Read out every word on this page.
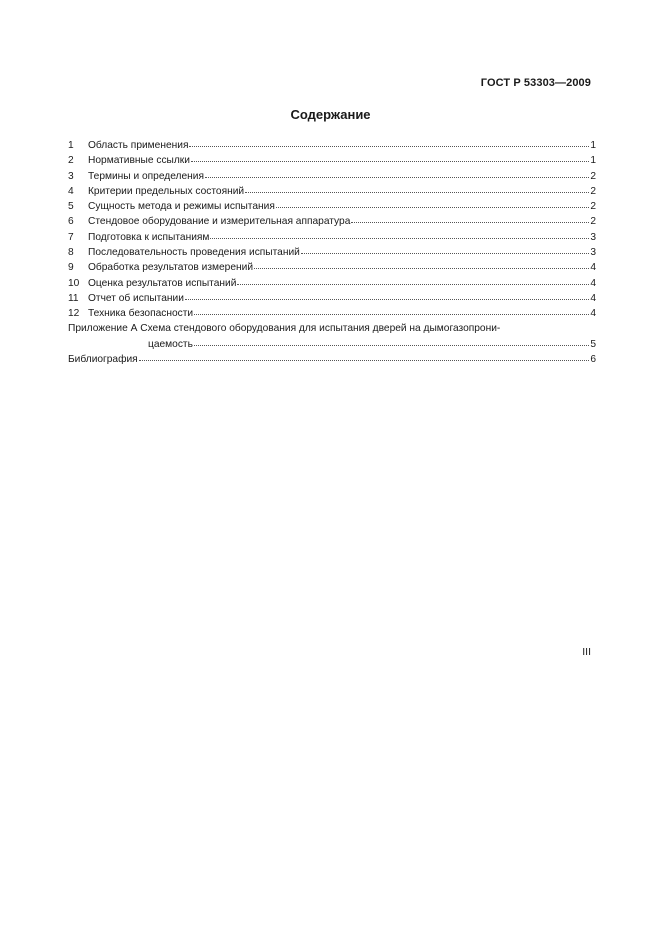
ГОСТ Р 53303—2009
Содержание
1	Область применения	1
2	Нормативные ссылки	1
3	Термины и определения	2
4	Критерии предельных состояний	2
5	Сущность метода и режимы испытания	2
6	Стендовое оборудование и измерительная аппаратура	2
7	Подготовка к испытаниям	3
8	Последовательность проведения испытаний	3
9	Обработка результатов измерений	4
10 Оценка результатов испытаний	4
11 Отчет об испытании	4
12 Техника безопасности	4
Приложение А Схема стендового оборудования для испытания дверей на дымогазопрони-
цаемость	5
Библиография	6
III
